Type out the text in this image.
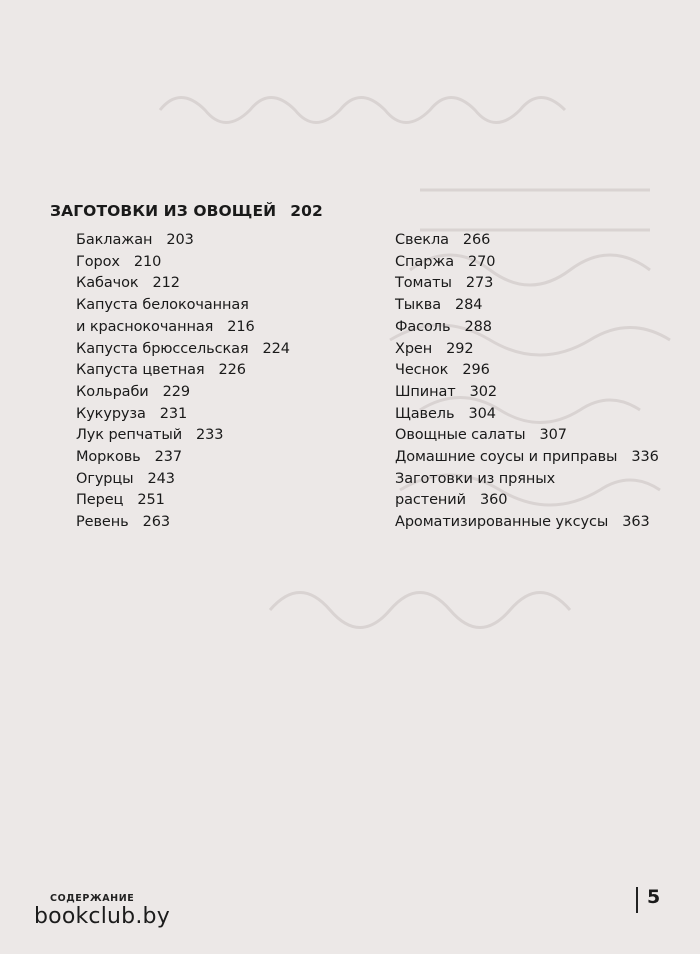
ЗАГОТОВКИ ИЗ ОВОЩЕЙ 202
Баклажан 203
Горох 210
Кабачок 212
Капуста белокочанная
и краснокочанная 216
Капуста брюссельская 224
Капуста цветная 226
Кольраби 229
Кукуруза 231
Лук репчатый 233
Морковь 237
Огурцы 243
Перец 251
Ревень 263
Свекла 266
Спаржа 270
Томаты 273
Тыква 284
Фасоль 288
Хрен 292
Чеснок 296
Шпинат 302
Щавель 304
Овощные салаты 307
Домашние соусы и приправы 336
Заготовки из пряных
растений 360
Ароматизированные уксусы 363
СОДЕРЖАНИЕ
bookclub.by
5
